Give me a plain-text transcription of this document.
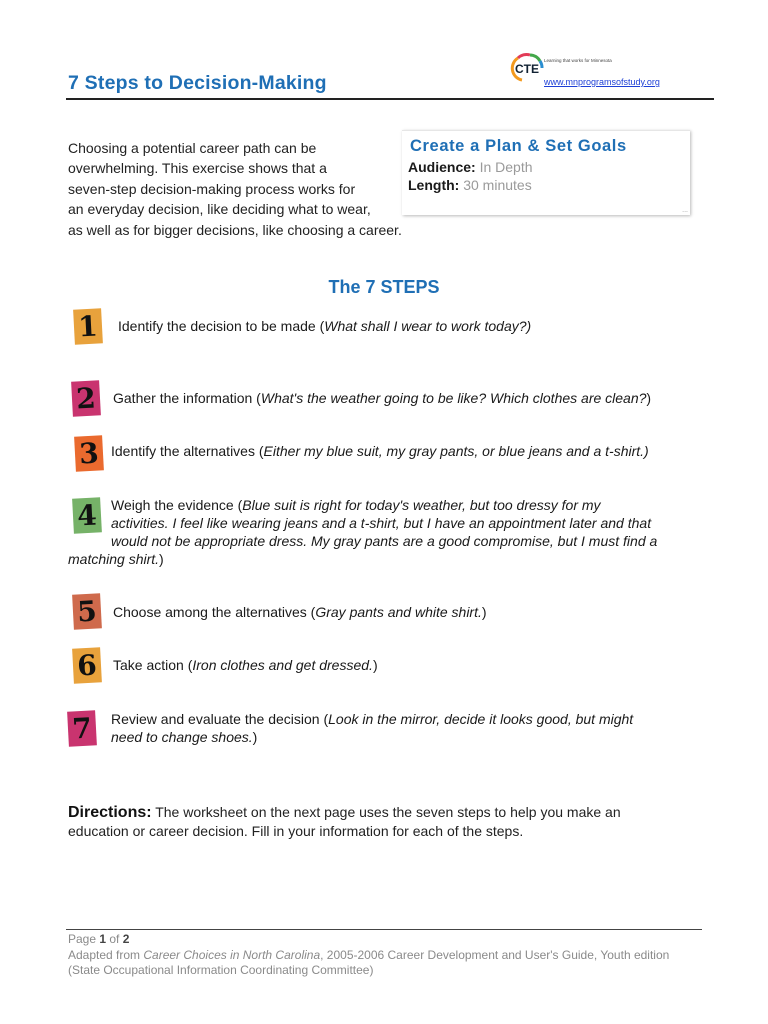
7 Steps to Decision-Making
Learning that works for Minnesota
CTE
www.mnprogramsofstudy.org
Choosing a potential career path can be
overwhelming. This exercise shows that a
seven-step decision-making process works for
an everyday decision, like deciding what to wear,
as well as for bigger decisions, like choosing a career.
Create a Plan & Set Goals
Audience: In Depth
Length: 30 minutes
...
The 7 STEPS
1	Identify the decision to be made (What shall I wear to work today?)
2	Gather the information (What's the weather going to be like? Which clothes are clean?)
3 Identify the alternatives (Either my blue suit, my gray pants, or blue jeans and a t-shirt.)
4 Weigh the evidence (Blue suit is right for today's weather, but too dressy for my
activities. I feel like wearing jeans and a t-shirt, but I have an appointment later and that
would not be appropriate dress. My gray pants are a good compromise, but I must find a
matching shirt.)
5	Choose among the alternatives (Gray pants and white shirt.)
6	Take action (Iron clothes and get dressed.)
7	Review and evaluate the decision (Look in the mirror, decide it looks good, but might
need to change shoes.)
Directions: The worksheet on the next page uses the seven steps to help you make an
education or career decision. Fill in your information for each of the steps.
Page 1 of 2
Adapted from Career Choices in North Carolina, 2005-2006 Career Development and User's Guide, Youth edition
(State Occupational Information Coordinating Committee)
